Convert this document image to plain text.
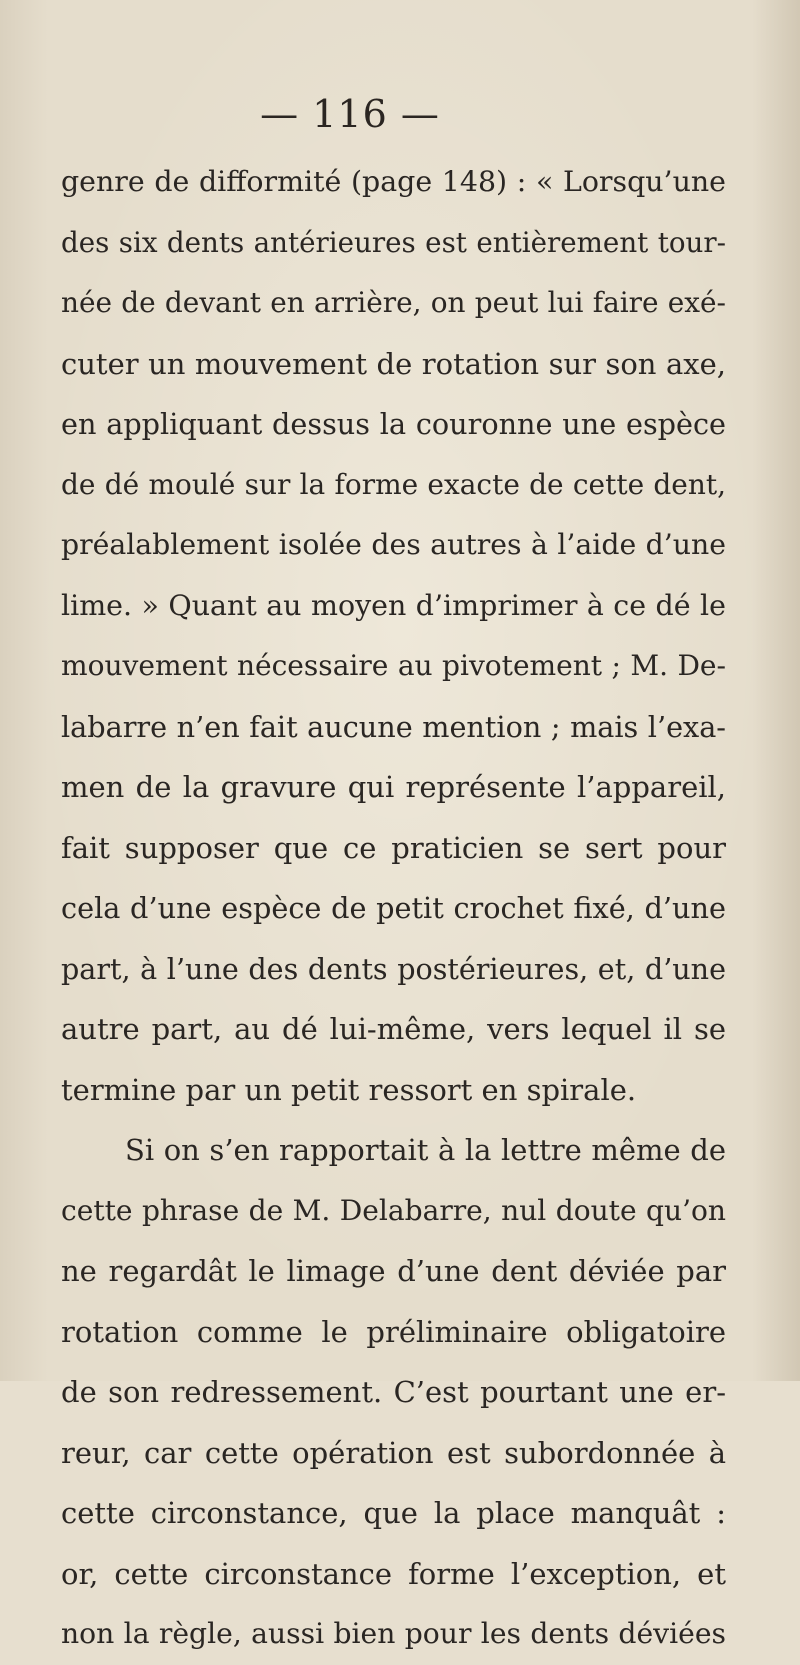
— 116 —
genre de difformité (page 148) : « Lorsqu’une
des six dents antérieures est entièrement tour-
née de devant en arrière, on peut lui faire exé-
cuter un mouvement de rotation sur son axe,
en appliquant dessus la couronne une espèce
de dé moulé sur la forme exacte de cette dent,
préalablement isolée des autres à l’aide d’une
lime. » Quant au moyen d’imprimer à ce dé le
mouvement nécessaire au pivotement ; M. De-
labarre n’en fait aucune mention ; mais l’exa-
men de la gravure qui représente l’appareil,
fait supposer que ce praticien se sert pour
cela d’une espèce de petit crochet fixé, d’une
part, à l’une des dents postérieures, et, d’une
autre part, au dé lui-même, vers lequel il se
termine par un petit ressort en spirale.
Si on s’en rapportait à la lettre même de
cette phrase de M. Delabarre, nul doute qu’on
ne regardât le limage d’une dent déviée par
rotation comme le préliminaire obligatoire
de son redressement. C’est pourtant une er-
reur, car cette opération est subordonnée à
cette circonstance, que la place manquât :
or, cette circonstance forme l’exception, et
non la règle, aussi bien pour les dents déviées
